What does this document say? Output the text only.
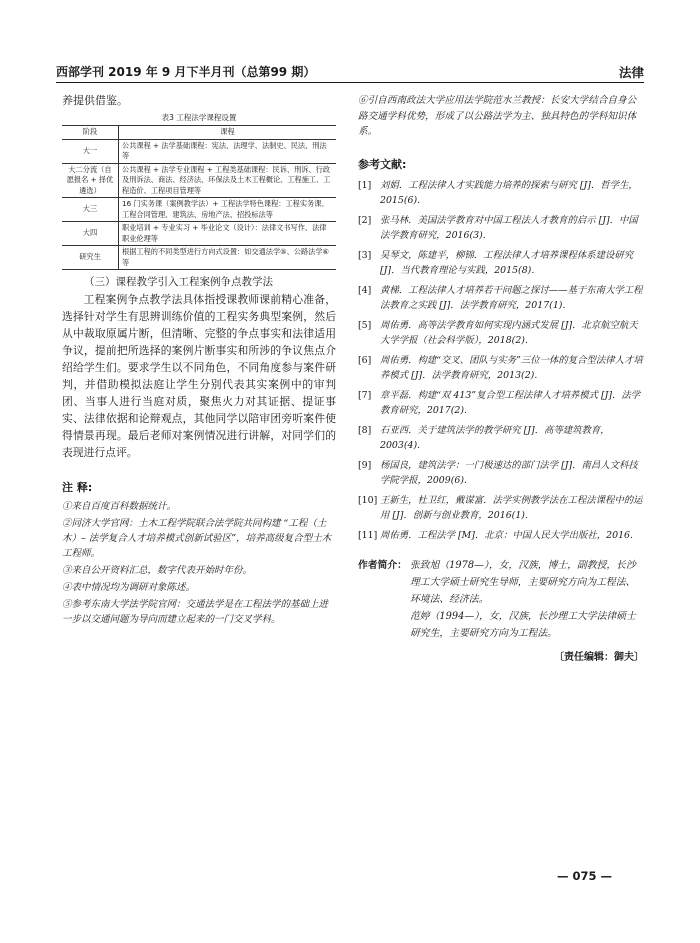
西部学刊 2019 年 9 月下半月刊（总第99 期）	法律

养提供借鉴。

表3 工程法学课程设置
阶段	课程
大一	公共课程 + 法学基础课程：宪法、法理学、法制史、民法、刑法等
大二分流（自愿报名 + 择优遴选）	公共课程 + 法学专业课程 + 工程类基础课程：民诉、刑诉、行政及刑诉法、商法、经济法、环保法及土木工程概论、工程施工、工程造价、工程项目管理等
大三	16 门实务课（案例教学法）+ 工程法学特色课程：工程实务课、工程合同管理、建筑法、房地产法、招投标法等
大四	职业培训 + 专业实习 + 毕业论文（设计）：法律文书写作、法律职业伦理等
研究生	根据工程的不同类型进行方向式设置：如交通法学⑤、公路法学⑥等
（三）课程教学引入工程案例争点教学法

工程案例争点教学法具体指授课教师课前精心准备，选择针对学生有思辨训练价值的工程实务典型案例，然后从中裁取原属片断，但清晰、完整的争点事实和法律适用争议，提前把所选择的案例片断事实和所涉的争议焦点介绍给学生们。要求学生以不同角色，不同角度参与案件研判，并借助模拟法庭让学生分别代表其实案例中的审判团、当事人进行当庭对质，聚焦火力对其证据、提证事实、法律依据和论辩观点，其他同学以陪审团旁听案件使得情景再现。最后老师对案例情况进行讲解，对同学们的表现进行点评。

注 释:

①来自百度百科数据统计。

②同济大学官网：土木工程学院联合法学院共同构建 “工程（土木）– 法学复合人才培养模式创新试验区”，培养高级复合型土木工程师。

③来自公开资料汇总，数字代表开始时年份。

④表中情况均为调研对象陈述。

⑤参考东南大学法学院官网：交通法学是在工程法学的基础上进一步以交通问题为导向而建立起来的一门交叉学科。

⑥引自西南政法大学应用法学院范水兰教授：长安大学结合自身公路交通学科优势，形成了以公路法学为主、独具特色的学科知识体系。

参考文献:
[1] 刘娟．工程法律人才实践能力培养的探索与研究 [J]．哲学生，2015(6).
[2] 张马林．美国法学教育对中国工程法人才教育的启示 [J]．中国法学教育研究，2016(3).
[3] 吴琴文，陈建平，柳锦．工程法律人才培养课程体系建设研究 [J]．当代教育理论与实践，2015(8).
[4] 黄梯．工程法律人才培养若干问题之探讨——基于东南大学工程法教育之实践 [J]．法学教育研究，2017(1).
[5] 周佑勇．高等法学教育如何实现内涵式发展 [J]．北京航空航天大学学报（社会科学版），2018(2).
[6] 周佑勇．构建“交叉、团队与实务”三位一体的复合型法律人才培养模式 [J]．法学教育研究，2013(2).
[7] 章平磊．构建“双 413”复合型工程法律人才培养模式 [J]．法学教育研究，2017(2).
[8] 石亚西．关于建筑法学的教学研究 [J]．高等建筑教育，2003(4).
[9] 杨国良，建筑法学：一门极速达的部门法学 [J]．南昌人文科技学院学报，2009(6).
[10] 王新生，杜卫红，戴谋富．法学实例教学法在工程法课程中的运用 [J]．创新与创业教育，2016(1).
[11] 周佑勇．工程法学 [M]．北京：中国人民大学出版社，2016.
作者简介： 张致旭（1978—），女，汉族，博士，副教授，长沙理工大学硕士研究生导师，主要研究方向为工程法、环境法、经济法。
范婷（1994—），女，汉族，长沙理工大学法律硕士研究生，主要研究方向为工程法。
〔责任编辑：御夫〕
— 075 —
